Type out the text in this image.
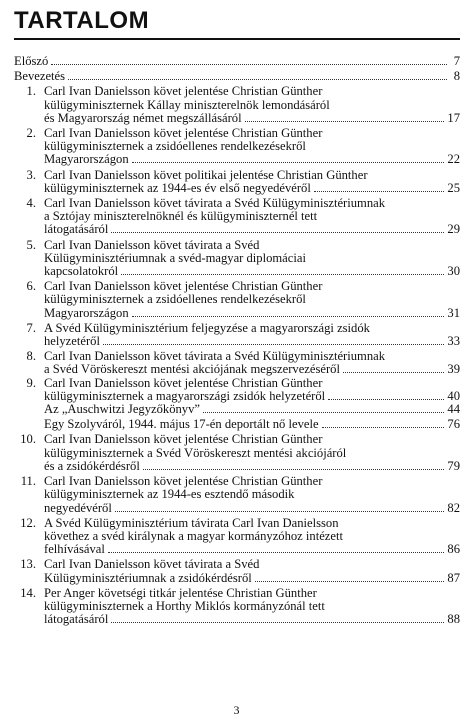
TARTALOM
Előszó	7
Bevezetés	8
1. Carl Ivan Danielsson követ jelentése Christian Günther
külügyminiszternek Kállay miniszterelnök lemondásáról
és Magyarország német megszállásáról	17
2. Carl Ivan Danielsson követ jelentése Christian Günther
külügyminiszternek a zsidóellenes rendelkezésekről
Magyarországon	22
3. Carl Ivan Danielsson követ politikai jelentése Christian Günther
külügyminiszternek az 1944-es év első negyedévéről	25
4. Carl Ivan Danielsson követ távirata a Svéd Külügyminisztériumnak
a Sztójay miniszterelnöknél és külügyminiszternél tett
látogatásáról	29
5. Carl Ivan Danielsson követ távirata a Svéd
Külügyminisztériumnak a svéd-magyar diplomáciai
kapcsolatokról	30
6. Carl Ivan Danielsson követ jelentése Christian Günther
külügyminiszternek a zsidóellenes rendelkezésekről
Magyarországon	31
7. A Svéd Külügyminisztérium feljegyzése a magyarországi zsidók
helyzetéről	33
8. Carl Ivan Danielsson követ távirata a Svéd Külügyminisztériumnak
a Svéd Vöröskereszt mentési akciójának megszervezéséről	39
9. Carl Ivan Danielsson követ jelentése Christian Günther
külügyminiszternek a magyarországi zsidók helyzetéről	40
Az „Auschwitzi Jegyzőkönyv”	44
Egy Szolyváról, 1944. május 17-én deportált nő levele	76
10. Carl Ivan Danielsson követ jelentése Christian Günther
külügyminiszternek a Svéd Vöröskereszt mentési akciójáról
és a zsidókérdésről	79
11. Carl Ivan Danielsson követ jelentése Christian Günther
külügyminiszternek az 1944-es esztendő második
negyedévéről	82
12. A Svéd Külügyminisztérium távirata Carl Ivan Danielsson
követhez a svéd királynak a magyar kormányzóhoz intézett
felhívásával	86
13. Carl Ivan Danielsson követ távirata a Svéd
Külügyminisztériumnak a zsidókérdésről	87
14. Per Anger követségi titkár jelentése Christian Günther
külügyminiszternek a Horthy Miklós kormányzónál tett
látogatásáról	88
3
